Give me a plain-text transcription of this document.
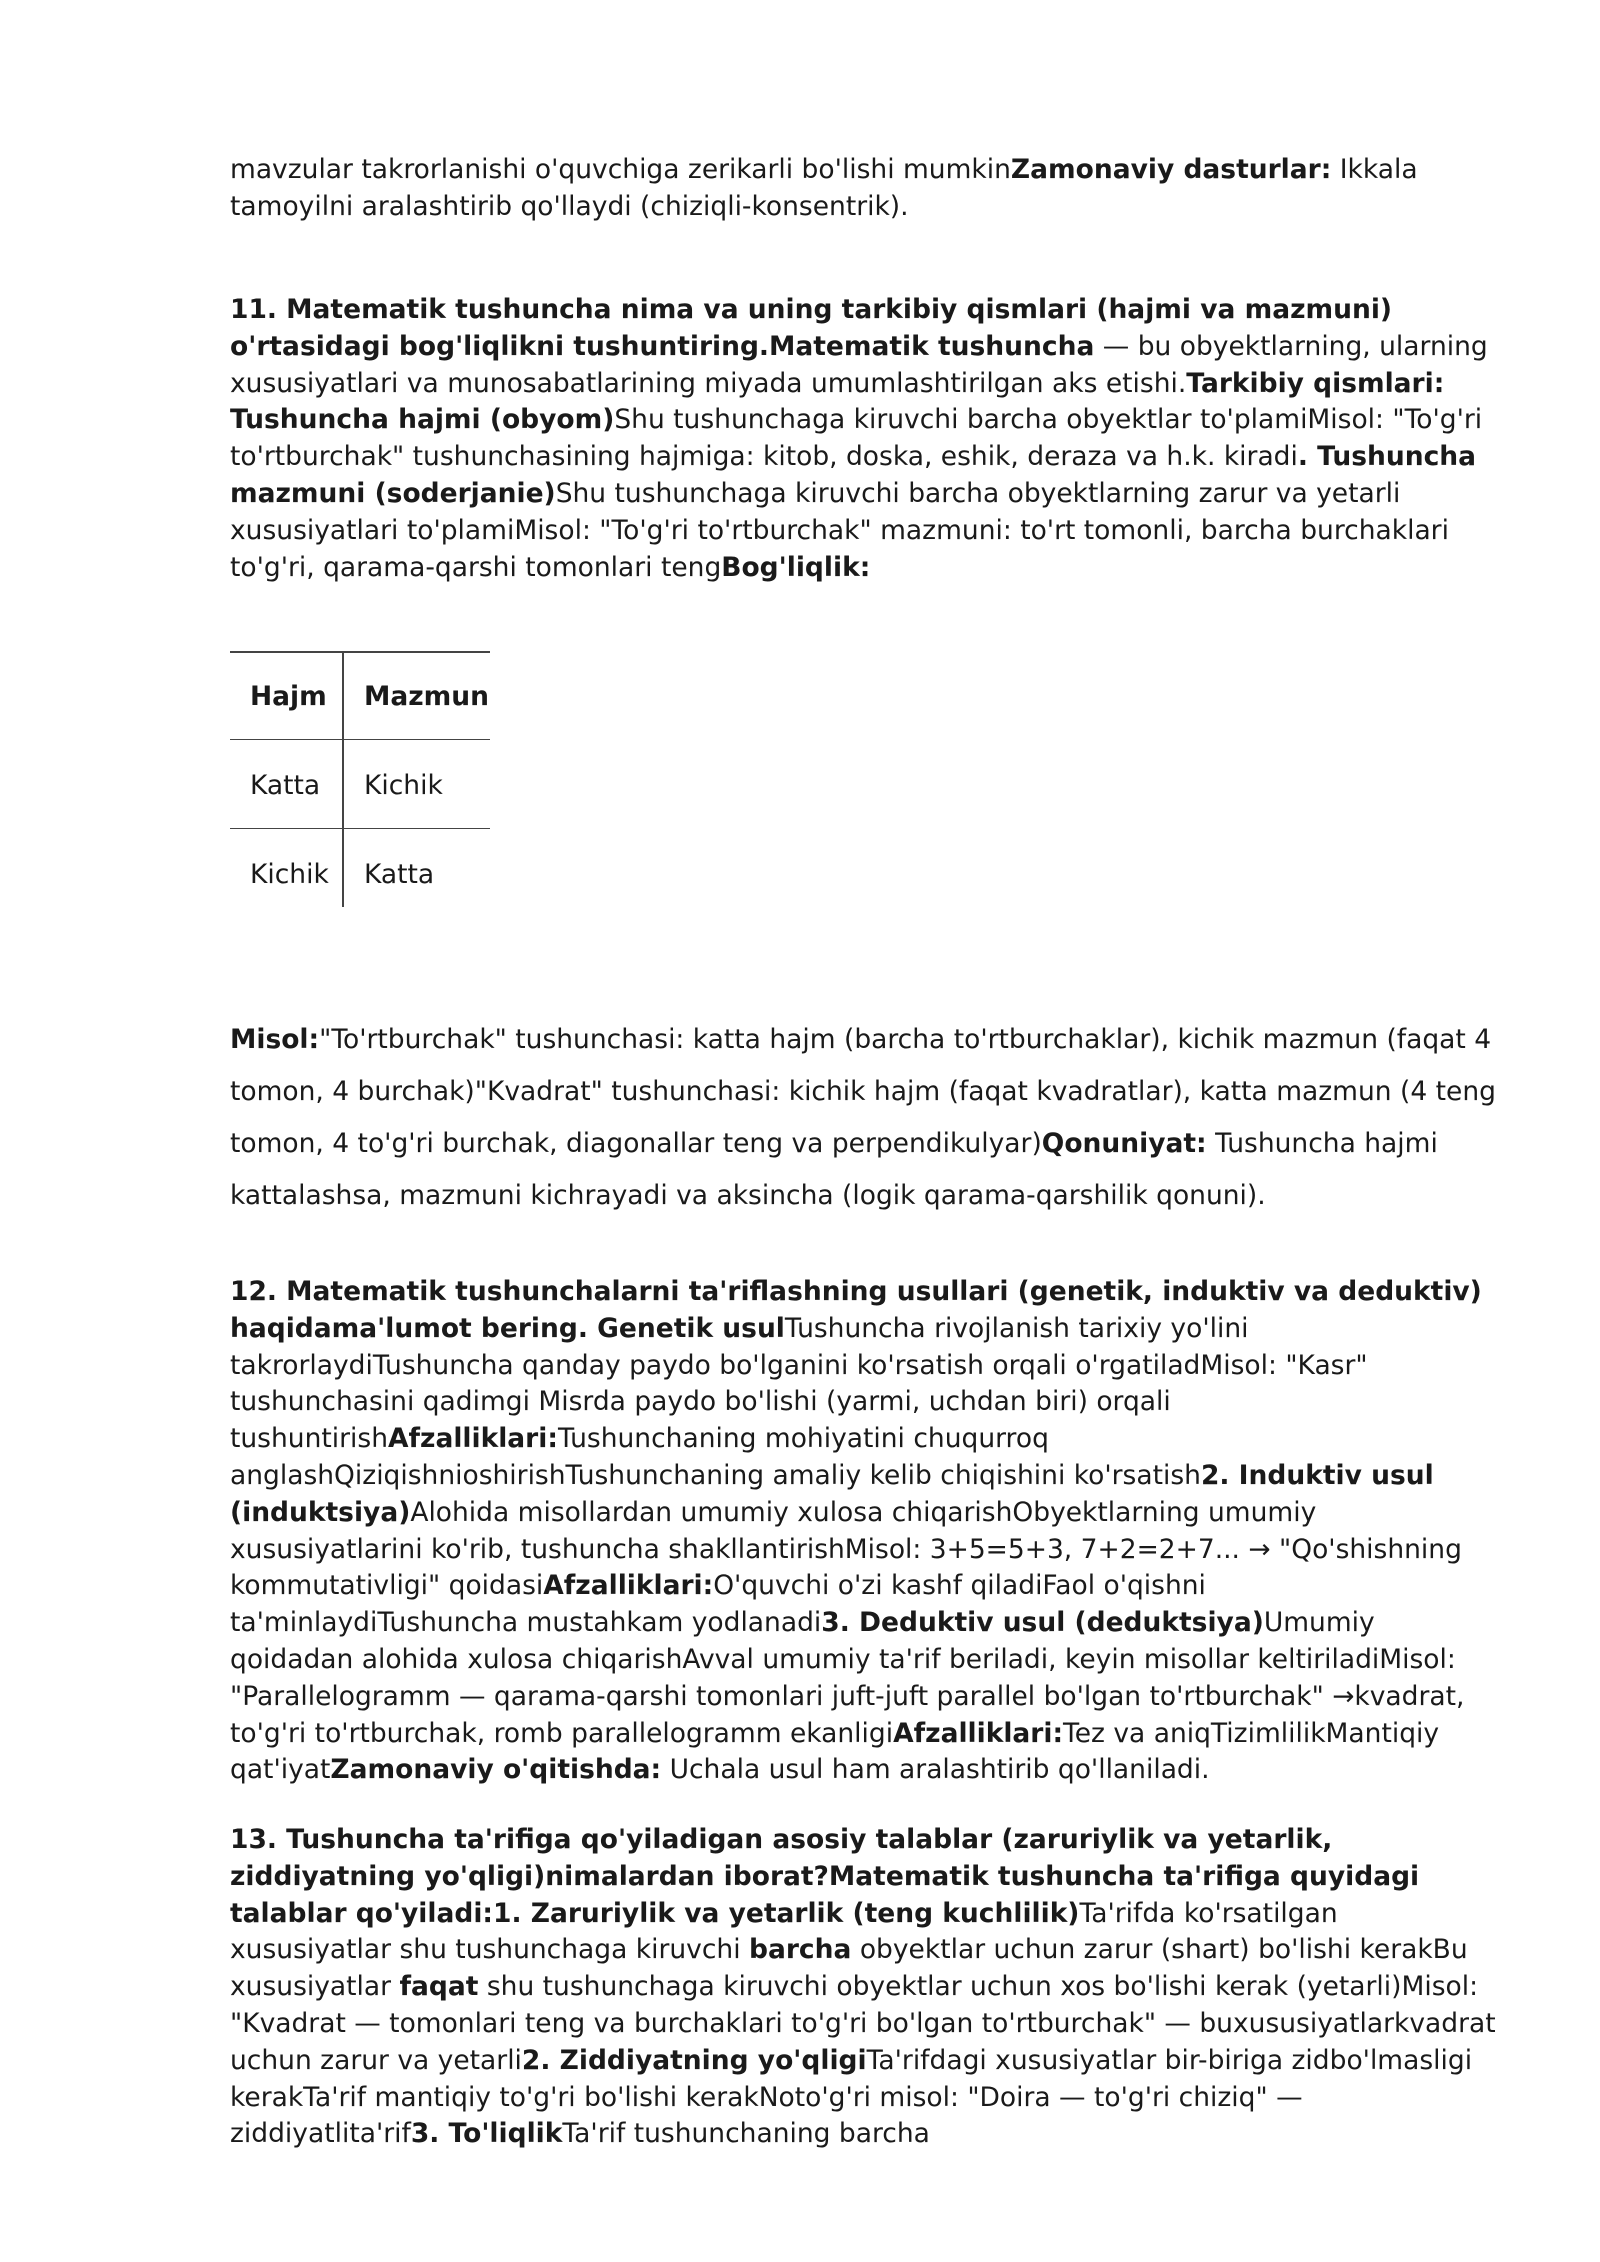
mavzular takrorlanishi o'quvchiga zerikarli bo'lishi mumkinZamonaviy dasturlar: Ikkala tamoyilni aralashtirib qo'llaydi (chiziqli-konsentrik).
11. Matematik tushuncha nima va uning tarkibiy qismlari (hajmi va mazmuni) o'rtasidagi bog'liqlikni tushuntiring.Matematik tushuncha — bu obyektlarning, ularning xususiyatlari va munosabatlarining miyada umumlashtirilgan aks etishi.Tarkibiy qismlari: Tushuncha hajmi (obyom)Shu tushunchaga kiruvchi barcha obyektlar to'plamiMisol: "To'g'ri to'rtburchak" tushunchasining hajmiga: kitob, doska, eshik, deraza va h.k. kiradi. Tushuncha mazmuni (soderjanie)Shu tushunchaga kiruvchi barcha obyektlarning zarur va yetarli xususiyatlari to'plamiMisol: "To'g'ri to'rtburchak" mazmuni: to'rt tomonli, barcha burchaklari to'g'ri, qarama-qarshi tomonlari tengBog'liqlik:
Hajm	Mazmun

Katta	Kichik

Kichik	Katta
Misol:"To'rtburchak" tushunchasi: katta hajm (barcha to'rtburchaklar), kichik mazmun (faqat 4 tomon, 4 burchak)"Kvadrat" tushunchasi: kichik hajm (faqat kvadratlar), katta mazmun (4 teng tomon, 4 to'g'ri burchak, diagonallar teng va perpendikulyar)Qonuniyat: Tushuncha hajmi kattalashsa, mazmuni kichrayadi va aksincha (logik qarama-qarshilik qonuni).
12. Matematik tushunchalarni ta'riflashning usullari (genetik, induktiv va deduktiv) haqidama'lumot bering. Genetik usulTushuncha rivojlanish tarixiy yo'lini takrorlaydiTushuncha qanday paydo bo'lganini ko'rsatish orqali o'rgatiladMisol: "Kasr" tushunchasini qadimgi Misrda paydo bo'lishi (yarmi, uchdan biri) orqali tushuntirishAfzalliklari:Tushunchaning mohiyatini chuqurroq anglashQiziqishnioshirishTushunchaning amaliy kelib chiqishini ko'rsatish2. Induktiv usul (induktsiya)Alohida misollardan umumiy xulosa chiqarishObyektlarning umumiy xususiyatlarini ko'rib, tushuncha shakllantirishMisol: 3+5=5+3, 7+2=2+7... → "Qo'shishning kommutativligi" qoidasiAfzalliklari:O'quvchi o'zi kashf qiladiFaol o'qishni ta'minlaydiTushuncha mustahkam yodlanadi3. Deduktiv usul (deduktsiya)Umumiy qoidadan alohida xulosa chiqarishAvval umumiy ta'rif beriladi, keyin misollar keltiriladiMisol: "Parallelogramm — qarama-qarshi tomonlari juft-juft parallel bo'lgan to'rtburchak" →kvadrat, to'g'ri to'rtburchak, romb parallelogramm ekanligiAfzalliklari:Tez va aniqTizimlilikMantiqiy qat'iyatZamonaviy o'qitishda: Uchala usul ham aralashtirib qo'llaniladi.
13. Tushuncha ta'rifiga qo'yiladigan asosiy talablar (zaruriylik va yetarlik, ziddiyatning yo'qligi)nimalardan iborat?Matematik tushuncha ta'rifiga quyidagi talablar qo'yiladi:1. Zaruriylik va yetarlik (teng kuchlilik)Ta'rifda ko'rsatilgan xususiyatlar shu tushunchaga kiruvchi barcha obyektlar uchun zarur (shart) bo'lishi kerakBu xususiyatlar faqat shu tushunchaga kiruvchi obyektlar uchun xos bo'lishi kerak (yetarli)Misol: "Kvadrat — tomonlari teng va burchaklari to'g'ri bo'lgan to'rtburchak" — buxususiyatlarkvadrat uchun zarur va yetarli2. Ziddiyatning yo'qligiTa'rifdagi xususiyatlar bir-biriga zidbo'lmasligi kerakTa'rif mantiqiy to'g'ri bo'lishi kerakNoto'g'ri misol: "Doira — to'g'ri chiziq" — ziddiyatlita'rif3. To'liqlikTa'rif tushunchaning barcha
